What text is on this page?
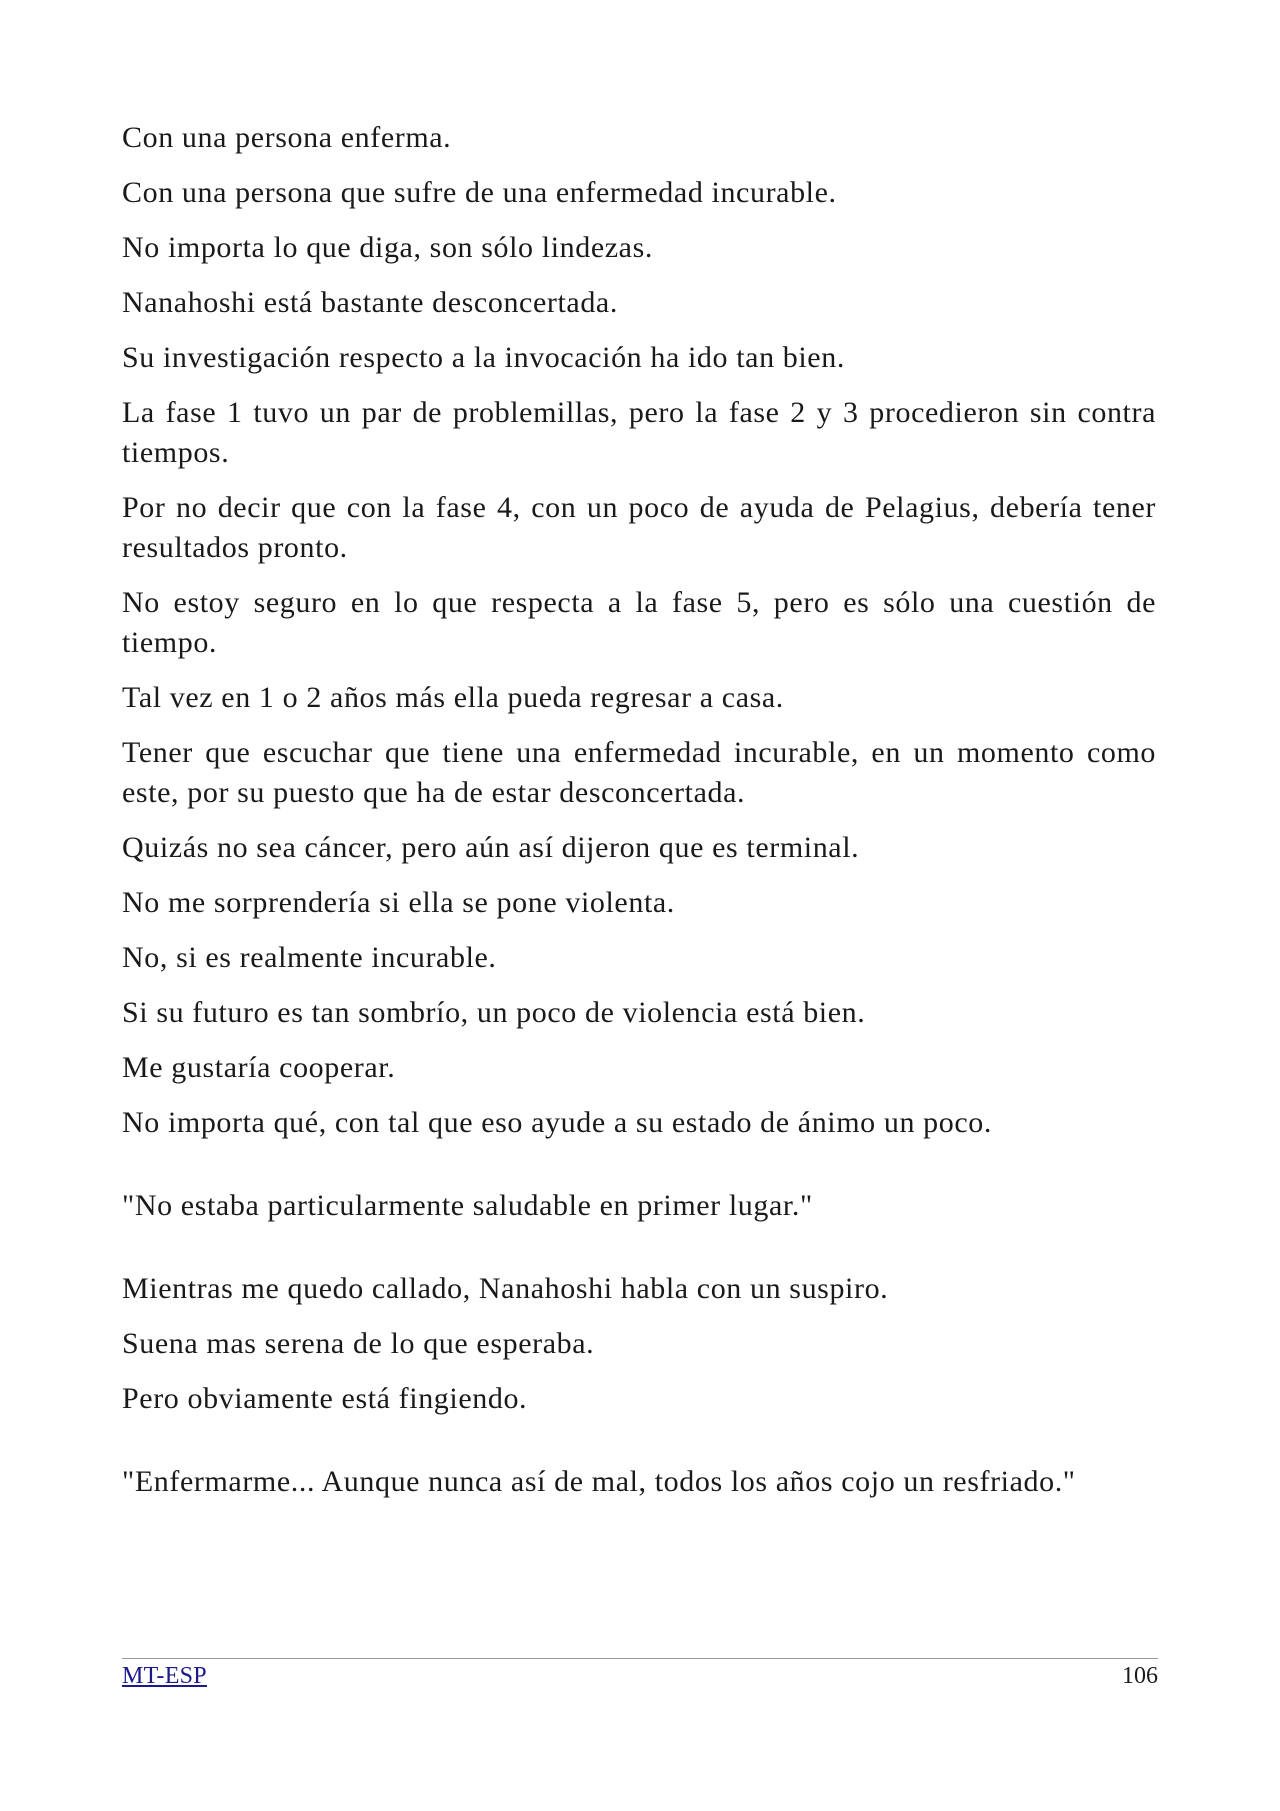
Con una persona enferma.

Con una persona que sufre de una enfermedad incurable.

No importa lo que diga, son sólo lindezas.

Nanahoshi está bastante desconcertada.

Su investigación respecto a la invocación ha ido tan bien.

La fase 1 tuvo un par de problemillas, pero la fase 2 y 3 procedieron sin contra tiempos.

Por no decir que con la fase 4, con un poco de ayuda de Pelagius, debería tener resultados pronto.

No estoy seguro en lo que respecta a la fase 5, pero es sólo una cuestión de tiempo.

Tal vez en 1 o 2 años más ella pueda regresar a casa.

Tener que escuchar que tiene una enfermedad incurable, en un momento como este, por su puesto que ha de estar desconcertada.

Quizás no sea cáncer, pero aún así dijeron que es terminal.

No me sorprendería si ella se pone violenta.

No, si es realmente incurable.

Si su futuro es tan sombrío, un poco de violencia está bien.

Me gustaría cooperar.

No importa qué, con tal que eso ayude a su estado de ánimo un poco.

"No estaba particularmente saludable en primer lugar."

Mientras me quedo callado, Nanahoshi habla con un suspiro.

Suena mas serena de lo que esperaba.

Pero obviamente está fingiendo.

"Enfermarme... Aunque nunca así de mal, todos los años cojo un resfriado."

MT-ESP	106
